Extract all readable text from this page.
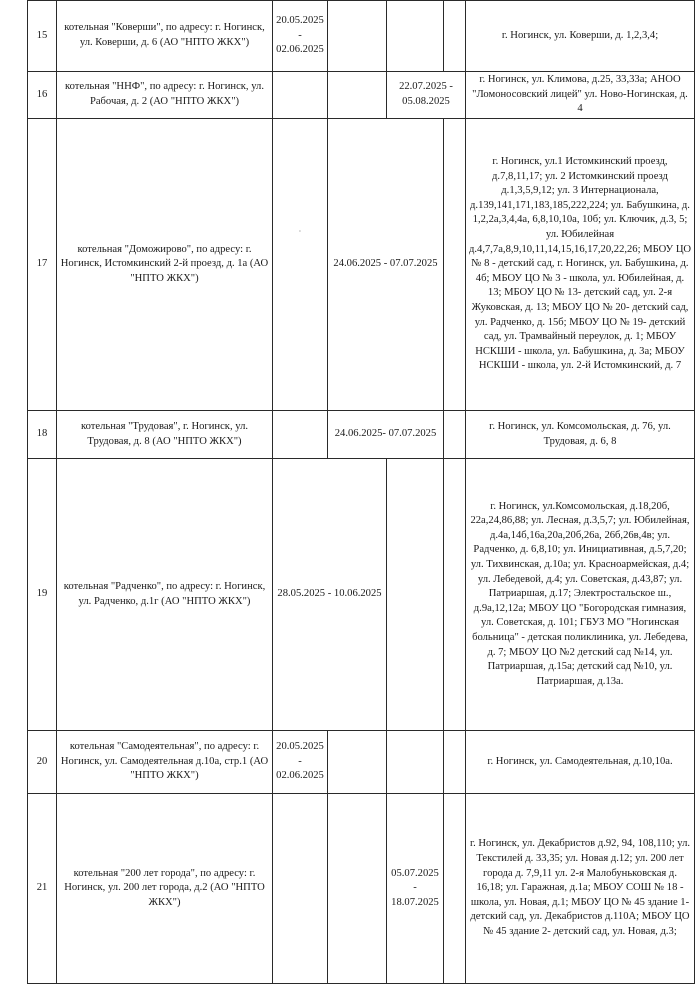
15	котельная "Коверши", по адресу: г. Ногинск, ул. Коверши, д. 6 (АО "НПТО ЖКХ")	20.05.2025 - 02.06.2025				г. Ногинск, ул. Коверши, д. 1,2,3,4;
16	котельная "ННФ", по адресу: г. Ногинск, ул. Рабочая, д. 2 (АО "НПТО ЖКХ")			22.07.2025 - 05.08.2025		г. Ногинск, ул. Климова, д.25, 33,33а; АНОО "Ломоносовский лицей" ул. Ново-Ногинская, д. 4
17	котельная "Доможирово", по адресу: г. Ногинск, Истомкинский 2-й проезд, д. 1а (АО "НПТО ЖКХ")	·	24.06.2025 - 07.07.2025			г. Ногинск, ул.1 Истомкинский проезд, д.7,8,11,17; ул. 2 Истомкинский проезд д.1,3,5,9,12; ул. 3 Интернационала, д.139,141,171,183,185,222,224; ул. Бабушкина, д. 1,2,2а,3,4,4а, 6,8,10,10а, 10б; ул. Ключик, д.3, 5; ул. Юбилейная д.4,7,7а,8,9,10,11,14,15,16,17,20,22,26; МБОУ ЦО № 8 - детский сад, г. Ногинск, ул. Бабушкина, д. 4б; МБОУ ЦО № 3 - школа, ул. Юбилейная, д. 13; МБОУ ЦО № 13- детский сад, ул. 2-я Жуковская, д. 13; МБОУ ЦО № 20- детский сад, ул. Радченко, д. 15б; МБОУ ЦО № 19- детский сад, ул. Трамвайный переулок, д. 1; МБОУ НСКШИ - школа, ул. Бабушкина, д. 3а; МБОУ НСКШИ - школа, ул. 2-й Истомкинский, д. 7
18	котельная "Трудовая", г. Ногинск, ул. Трудовая, д. 8 (АО "НПТО ЖКХ")		24.06.2025- 07.07.2025			г. Ногинск, ул. Комсомольская, д. 76, ул. Трудовая, д. 6, 8
19	котельная "Радченко", по адресу: г. Ногинск, ул. Радченко, д.1г (АО "НПТО ЖКХ")	28.05.2025 - 10.06.2025				г. Ногинск, ул.Комсомольская, д.18,20б, 22а,24,86,88; ул. Лесная, д.3,5,7; ул. Юбилейная, д.4а,14б,16а,20а,20б,26а, 26б,26в,4в; ул. Радченко, д. 6,8,10; ул. Инициативная, д.5,7,20; ул. Тихвинская, д.10а; ул. Красноармейская, д.4; ул. Лебедевой, д.4; ул. Советская, д.43,87; ул. Патриаршая, д.17; Электростальское ш., д.9а,12,12а; МБОУ ЦО "Богородская гимназия, ул. Советская, д. 101; ГБУЗ МО "Ногинская больница" - детская поликлиника, ул. Лебедева, д. 7; МБОУ ЦО №2 детский сад №14, ул. Патриаршая, д.15а; детский сад №10, ул. Патриаршая, д.13а.
20	котельная "Самодеятельная", по адресу: г. Ногинск, ул. Самодеятельная д.10а, стр.1 (АО "НПТО ЖКХ")	20.05.2025 - 02.06.2025				г. Ногинск, ул. Самодеятельная, д.10,10а.
21	котельная "200 лет города", по адресу: г. Ногинск, ул. 200 лет города, д.2 (АО "НПТО ЖКХ")			05.07.2025 - 18.07.2025		г. Ногинск, ул. Декабристов д.92, 94, 108,110; ул. Текстилей д. 33,35; ул. Новая д.12; ул. 200 лет города д. 7,9,11 ул. 2-я Малобуньковская д. 16,18; ул. Гаражная, д.1а; МБОУ СОШ № 18 - школа, ул. Новая, д.1; МБОУ ЦО № 45 здание 1- детский сад, ул. Декабристов д.110А; МБОУ ЦО № 45 здание 2- детский сад, ул. Новая, д.3;
